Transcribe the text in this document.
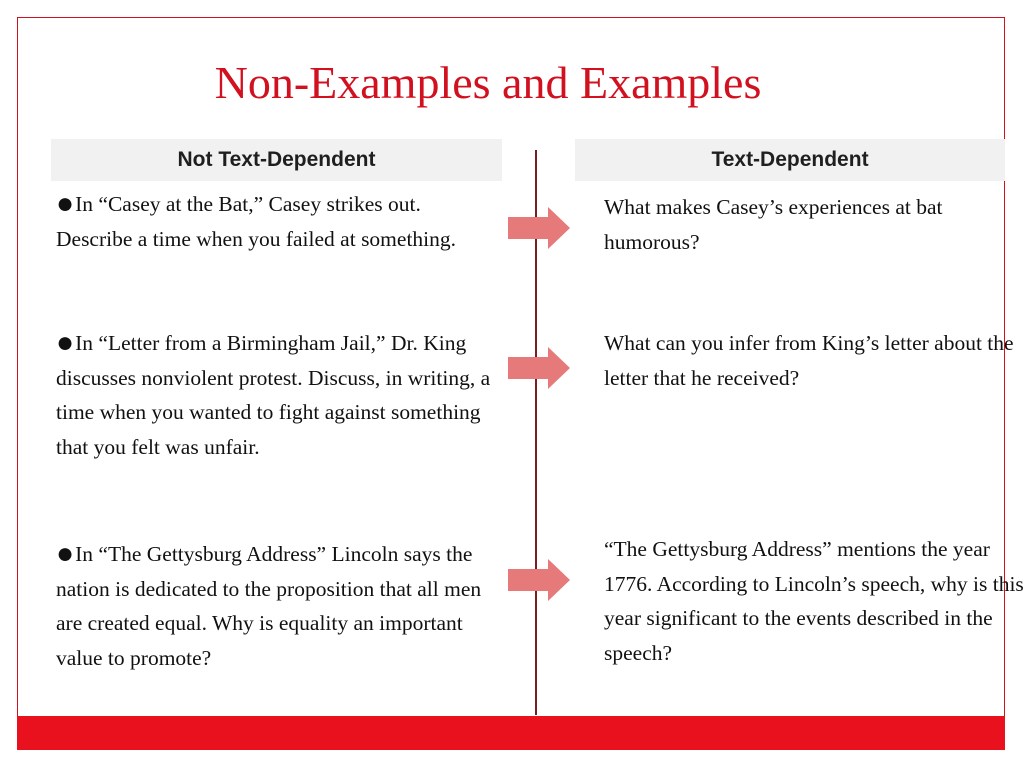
Non-Examples and Examples
Not Text-Dependent	Text-Dependent
●In “Casey at the Bat,” Casey strikes out. Describe a time when you failed at something.
●In “Letter from a Birmingham Jail,” Dr. King discusses nonviolent protest. Discuss, in writing, a time when you wanted to fight against something that you felt was unfair.
●In “The Gettysburg Address” Lincoln says the nation is dedicated to the proposition that all men are created equal. Why is equality an important value to promote?
What makes Casey’s experiences at bat humorous?
What can you infer from King’s letter about the letter that he received?
“The Gettysburg Address” mentions the year 1776. According to Lincoln’s speech, why is this year significant to the events described in the speech?
